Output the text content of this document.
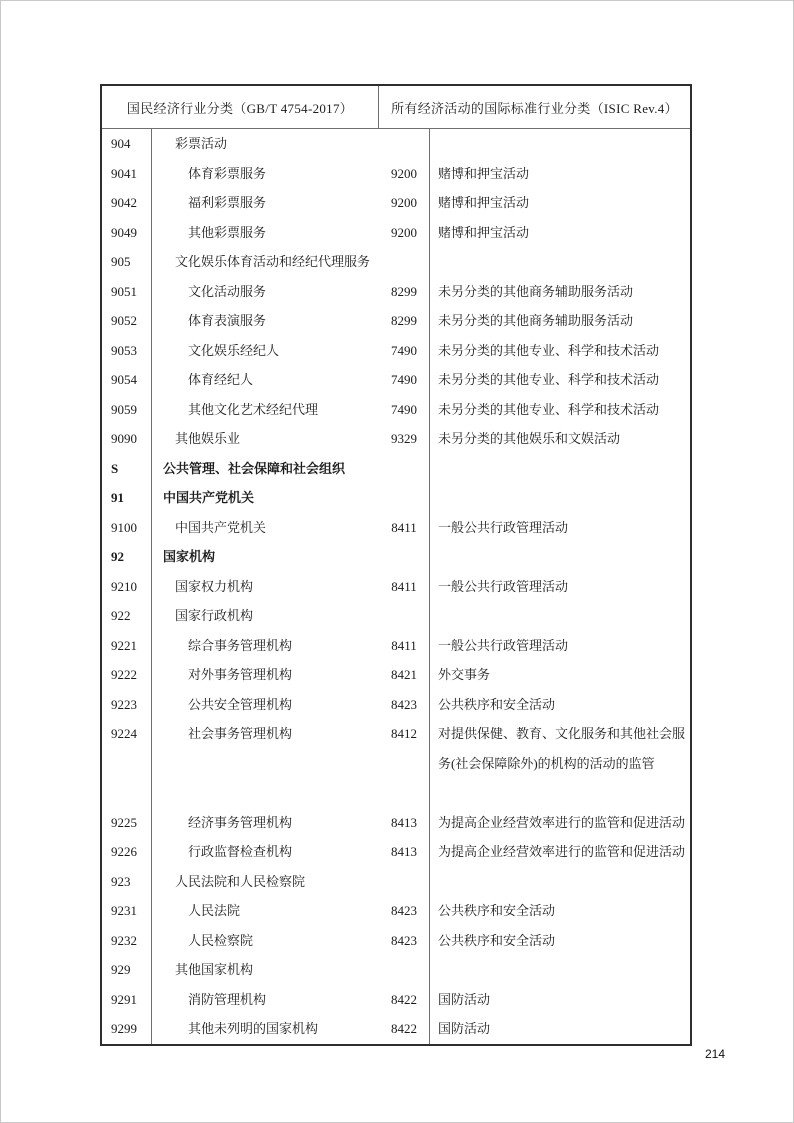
国民经济行业分类（GB/T 4754-2017）	所有经济活动的国际标准行业分类（ISIC Rev.4）
904	彩票活动
9041	体育彩票服务	9200	赌博和押宝活动
9042	福利彩票服务	9200	赌博和押宝活动
9049	其他彩票服务	9200	赌博和押宝活动
905	文化娱乐体育活动和经纪代理服务
9051	文化活动服务	8299	未另分类的其他商务辅助服务活动
9052	体育表演服务	8299	未另分类的其他商务辅助服务活动
9053	文化娱乐经纪人	7490	未另分类的其他专业、科学和技术活动
9054	体育经纪人	7490	未另分类的其他专业、科学和技术活动
9059	其他文化艺术经纪代理	7490	未另分类的其他专业、科学和技术活动
9090	其他娱乐业	9329	未另分类的其他娱乐和文娱活动
S	公共管理、社会保障和社会组织
91	中国共产党机关
9100	中国共产党机关	8411	一般公共行政管理活动
92	国家机构
9210	国家权力机构	8411	一般公共行政管理活动
922	国家行政机构
9221	综合事务管理机构	8411	一般公共行政管理活动
9222	对外事务管理机构	8421	外交事务
9223	公共安全管理机构	8423	公共秩序和安全活动
9224	社会事务管理机构	8412	对提供保健、教育、文化服务和其他社会服务(社会保障除外)的机构的活动的监管
9225	经济事务管理机构	8413	为提高企业经营效率进行的监管和促进活动
9226	行政监督检查机构	8413	为提高企业经营效率进行的监管和促进活动
923	人民法院和人民检察院
9231	人民法院	8423	公共秩序和安全活动
9232	人民检察院	8423	公共秩序和安全活动
929	其他国家机构
9291	消防管理机构	8422	国防活动
9299	其他未列明的国家机构	8422	国防活动
214
